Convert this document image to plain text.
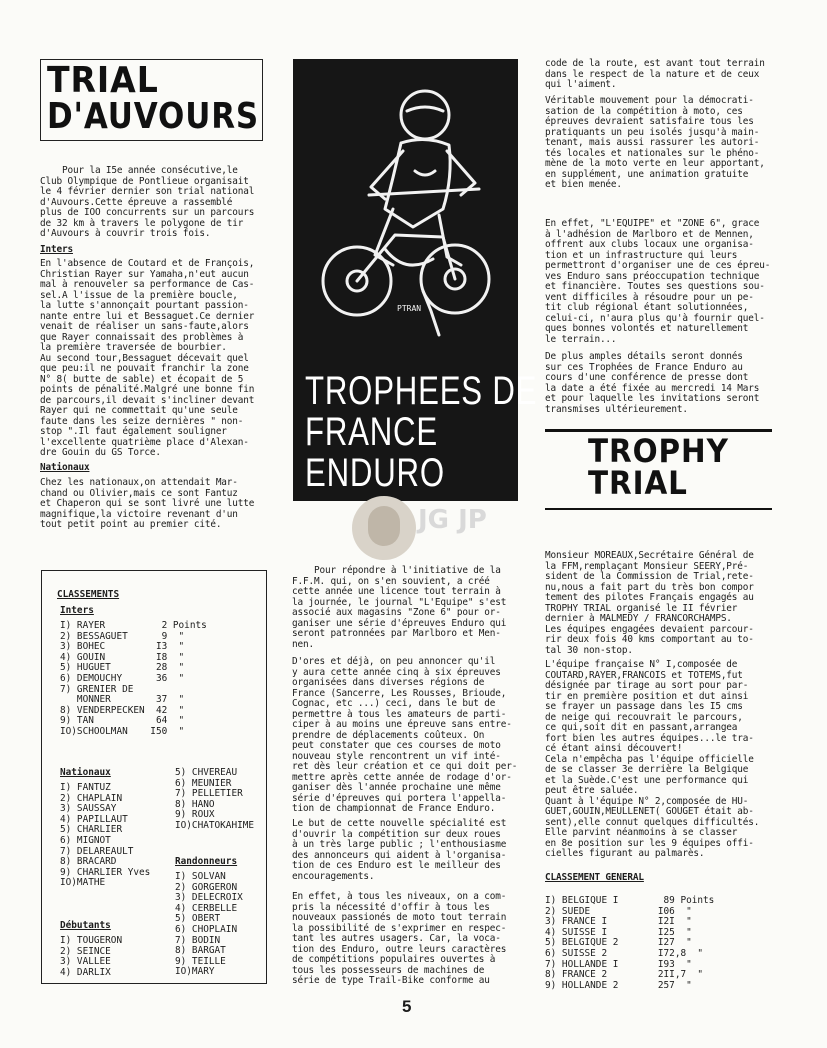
TRIAL
D'AUVOURS
Pour la I5e année consécutive,le
Club Olympique de Pontlieue organisait
le 4 février dernier son trial national
d'Auvours.Cette épreuve a rassemblé
plus de IOO concurrents sur un parcours
de 32 km à travers le polygone de tir
d'Auvours à couvrir trois fois.
Inters
En l'absence de Coutard et de François,
Christian Rayer sur Yamaha,n'eut aucun
mal à renouveler sa performance de Cas-
sel.A l'issue de la première boucle,
la lutte s'annonçait pourtant passion-
nante entre lui et Bessaguet.Ce dernier
venait de réaliser un sans-faute,alors
que Rayer connaissait des problèmes à
la première traversée de bourbier.
Au second tour,Bessaguet décevait quel
que peu:il ne pouvait franchir la zone
N° 8( butte de sable) et écopait de 5
points de pénalité.Malgré une bonne fin
de parcours,il devait s'incliner devant
Rayer qui ne commettait qu'une seule
faute dans les seize dernières " non-
stop ".Il faut également souligner
l'excellente quatrième place d'Alexan-
dre Gouin du GS Torce.
Nationaux
Chez les nationaux,on attendait Mar-
chand ou Olivier,mais ce sont Fantuz
et Chaperon qui se sont livré une lutte
magnifique,la victoire revenant d'un
tout petit point au premier cité.
CLASSEMENTS
Inters
I) RAYER          2 Points
2) BESSAGUET      9  "
3) BOHEC         I3  "
4) GOUIN         I8  "
5) HUGUET        28  "
6) DEMOUCHY      36  "
7) GRENIER DE
MONNER        37  "
8) VENDERPECKEN  42  "
9) TAN           64  "
IO)SCHOOLMAN    I50  "
Nationaux
I) FANTUZ
2) CHAPLAIN
3) SAUSSAY
4) PAPILLAUT
5) CHARLIER
6) MIGNOT
7) DELAREAULT
8) BRACARD
9) CHARLIER Yves
IO)MATHE
5) CHVEREAU
6) MEUNIER
7) PELLETIER
8) HANO
9) ROUX
IO)CHATOKAHIME
Randonneurs
I) SOLVAN
2) GORGERON
3) DELECROIX
4) CERBELLE
5) OBERT
6) CHOPLAIN
7) BODIN
8) BARGAT
9) TEILLE
IO)MARY
Débutants
I) TOUGERON
2) SEINCE
3) VALLEE
4) DARLIX
PTRAN
TROPHEES DE
FRANCE
ENDURO
JG JP
Pour répondre à l'initiative de la
F.F.M. qui, on s'en souvient, a créé
cette année une licence tout terrain à
la journée, le journal "L'Equipe" s'est
associé aux magasins "Zone 6" pour or-
ganiser une série d'épreuves Enduro qui
seront patronnées par Marlboro et Men-
nen.
D'ores et déjà, on peu annoncer qu'il
y aura cette année cinq à six épreuves
organisées dans diverses régions de
France (Sancerre, Les Rousses, Brioude,
Cognac, etc ...) ceci, dans le but de
permettre à tous les amateurs de parti-
ciper à au moins une épreuve sans entre-
prendre de déplacements coûteux. On
peut constater que ces courses de moto
nouveau style rencontrent un vif inté-
ret dès leur création et ce qui doit per-
mettre après cette année de rodage d'or-
ganiser dès l'année prochaine une même
série d'épreuves qui portera l'appella-
tion de championnat de France Enduro.
Le but de cette nouvelle spécialité est
d'ouvrir la compétition sur deux roues
à un très large public ; l'enthousiasme
des annonceurs qui aident à l'organisa-
tion de ces Enduro est le meilleur des
encouragements.
En effet, à tous les niveaux, on a com-
pris la nécessité d'offir à tous les
nouveaux passionés de moto tout terrain
la possibilité de s'exprimer en respec-
tant les autres usagers. Car, la voca-
tion des Enduro, outre leurs caractères
de compétitions populaires ouvertes à
tous les possesseurs de machines de
série de type Trail-Bike conforme au
code de la route, est avant tout terrain
dans le respect de la nature et de ceux
qui l'aiment.
Véritable mouvement pour la démocrati-
sation de la compétition à moto, ces
épreuves devraient satisfaire tous les
pratiquants un peu isolés jusqu'à main-
tenant, mais aussi rassurer les autori-
tés locales et nationales sur le phéno-
mène de la moto verte en leur apportant,
en supplément, une animation gratuite
et bien menée.
En effet, "L'EQUIPE" et "ZONE 6", grace
à l'adhésion de Marlboro et de Mennen,
offrent aux clubs locaux une organisa-
tion et un infrastructure qui leurs
permettront d'organiser une de ces épreu-
ves Enduro sans préoccupation technique
et financière. Toutes ses questions sou-
vent difficiles à résoudre pour un pe-
tit club régional étant solutionnées,
celui-ci, n'aura plus qu'à fournir quel-
ques bonnes volontés et naturellement
le terrain...
De plus amples détails seront donnés
sur ces Trophées de France Enduro au
cours d'une conférence de presse dont
la date a été fixée au mercredi 14 Mars
et pour laquelle les invitations seront
transmises ultérieurement.
TROPHY
TRIAL
Monsieur MOREAUX,Secrétaire Général de
la FFM,remplaçant Monsieur SEERY,Pré-
sident de la Commission de Trial,rete-
nu,nous a fait part du très bon compor
tement des pilotes Français engagés au
TROPHY TRIAL organisé le II février
dernier à MALMEDY / FRANCORCHAMPS.
Les équipes engagées devaient parcour-
rir deux fois 40 kms comportant au to-
tal 30 non-stop.
L'équipe française N° I,composée de
COUTARD,RAYER,FRANCOIS et TOTEMS,fut
désignée par tirage au sort pour par-
tir en première position et dut ainsi
se frayer un passage dans les I5 cms
de neige qui recouvrait le parcours,
ce qui,soit dit en passant,arrangea
fort bien les autres équipes...le tra-
cé étant ainsi découvert!
Cela n'empêcha pas l'équipe officielle
de se classer 3e derrière la Belgique
et la Suède.C'est une performance qui
peut être saluée.
Quant à l'équipe N° 2,composée de HU-
GUET,GOUIN,MEULLENET( GOUGET était ab-
sent),elle connut quelques difficultés.
Elle parvint néanmoins à se classer
en 8e position sur les 9 équipes offi-
cielles figurant au palmarès.
CLASSEMENT GENERAL
I) BELGIQUE I        89 Points
2) SUEDE            I06  "
3) FRANCE I         I2I  "
4) SUISSE I         I25  "
5) BELGIQUE 2       I27  "
6) SUISSE 2         I72,8  "
7) HOLLANDE I       I93  "
8) FRANCE 2         2II,7  "
9) HOLLANDE 2       257  "
5
